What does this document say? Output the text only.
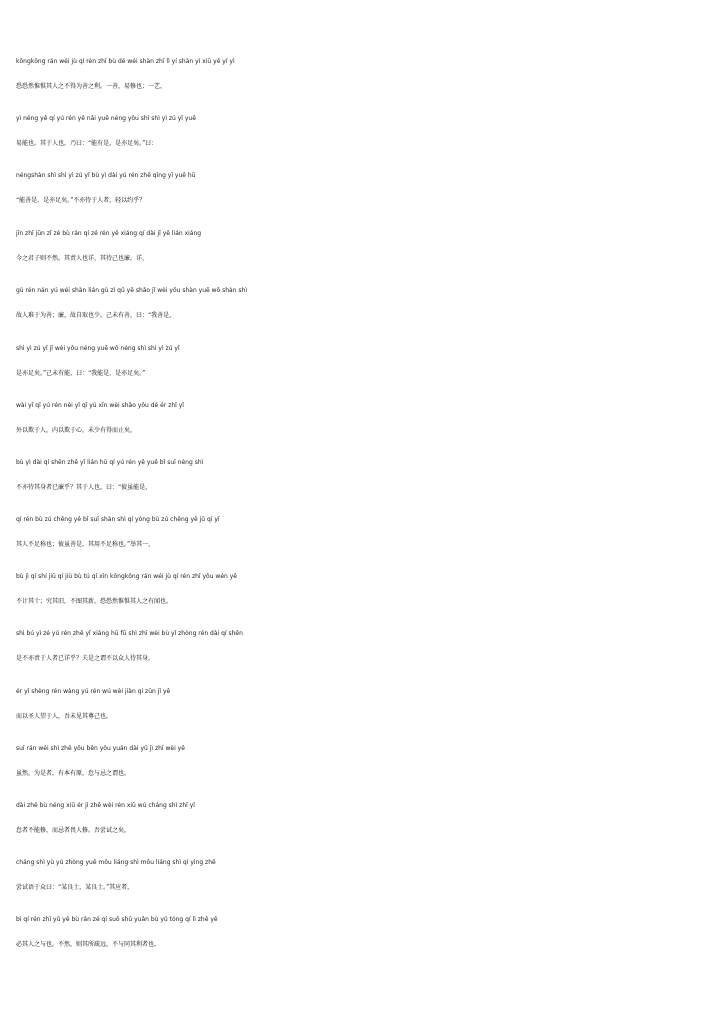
kǒngkǒng rán wéi jù qí rén zhī bù dé wéi shàn zhī lì yí shàn yì xiū yě yí yì
恐恐然惟惧其人之不得为善之利。一善，易修也；一艺，
yì néng yě qí yú rén yě nǎi yuē néng yǒu shì shì yì zú yǐ yuē
易能也。其于人也，乃曰：“能有是，是亦足矣。”曰：
néngshàn shì shì yì zú yǐ bù yì dài yú rén zhě qīng yǐ yuē hū
“能善是，是亦足矣。”不亦待于人者，轻以约乎？
jīn zhī jūn zǐ zé bù rán qí zé rén yě xiáng qí dài jǐ yě lián xiáng
今之君子则不然。其责人也详，其待己也廉。详，
gù rén nán yú wéi shàn lián gù zì qǔ yě shǎo jǐ wèi yǒu shàn yuē wǒ shàn shì
故人难于为善；廉，故自取也少。己未有善，曰：“我善是，
shì yì zú yǐ jǐ wèi yǒu néng yuē wǒ néng shì shì yì zú yǐ
是亦足矣。”己未有能，曰：“我能是，是亦足矣。”
wài yǐ qī yú rén nèi yǐ qī yú xīn wèi shǎo yǒu dé ér zhǐ yǐ
外以欺于人，内以欺于心，未少有得而止矣，
bù yì dài qí shēn zhě yǐ lián hū qí yú rén yě yuē bǐ suī néng shì
不亦待其身者已廉乎？其于人也，曰：“彼虽能是，
qí rén bù zú chēng yě bǐ suī shàn shì qí yòng bù zú chēng yě jǔ qí yī
其人不足称也；彼虽善是，其用不足称也。”举其一，
bù jì qí shí jiū qí jiù bù tú qí xīn kǒngkǒng rán wéi jù qí rén zhī yǒu wén yě
不计其十；究其旧，不图其新。恐恐然惟惧其人之有闻也。
shì bú yì zé yú rén zhě yǐ xiáng hū fū shì zhī wèi bù yǐ zhòng rén dài qí shēn
是不亦责于人者已详乎？夫是之谓不以众人待其身，
ér yǐ shèng rén wàng yú rén wú wèi jiàn qí zūn jǐ yě
而以圣人望于人，吾未见其尊己也。
suī rán wéi shì zhě yǒu běn yǒu yuán dài yǔ jì zhī wèi yě
虽然，为是者，有本有原，怠与忌之谓也。
dài zhě bù néng xiū ér jì zhě wèi rén xiū wú cháng shì zhī yǐ
怠者不能修，而忌者畏人修。吾尝试之矣，
cháng shì yù yú zhòng yuē mǒu liáng shì mǒu liáng shì qí yìng zhě
尝试语于众曰：“某良士，某良士。”其应者，
bì qí rén zhī yǔ yě bù rán zé qí suǒ shū yuǎn bù yǔ tóng qí lì zhě yě
必其人之与也。不然，则其所疏远，不与同其利者也。
